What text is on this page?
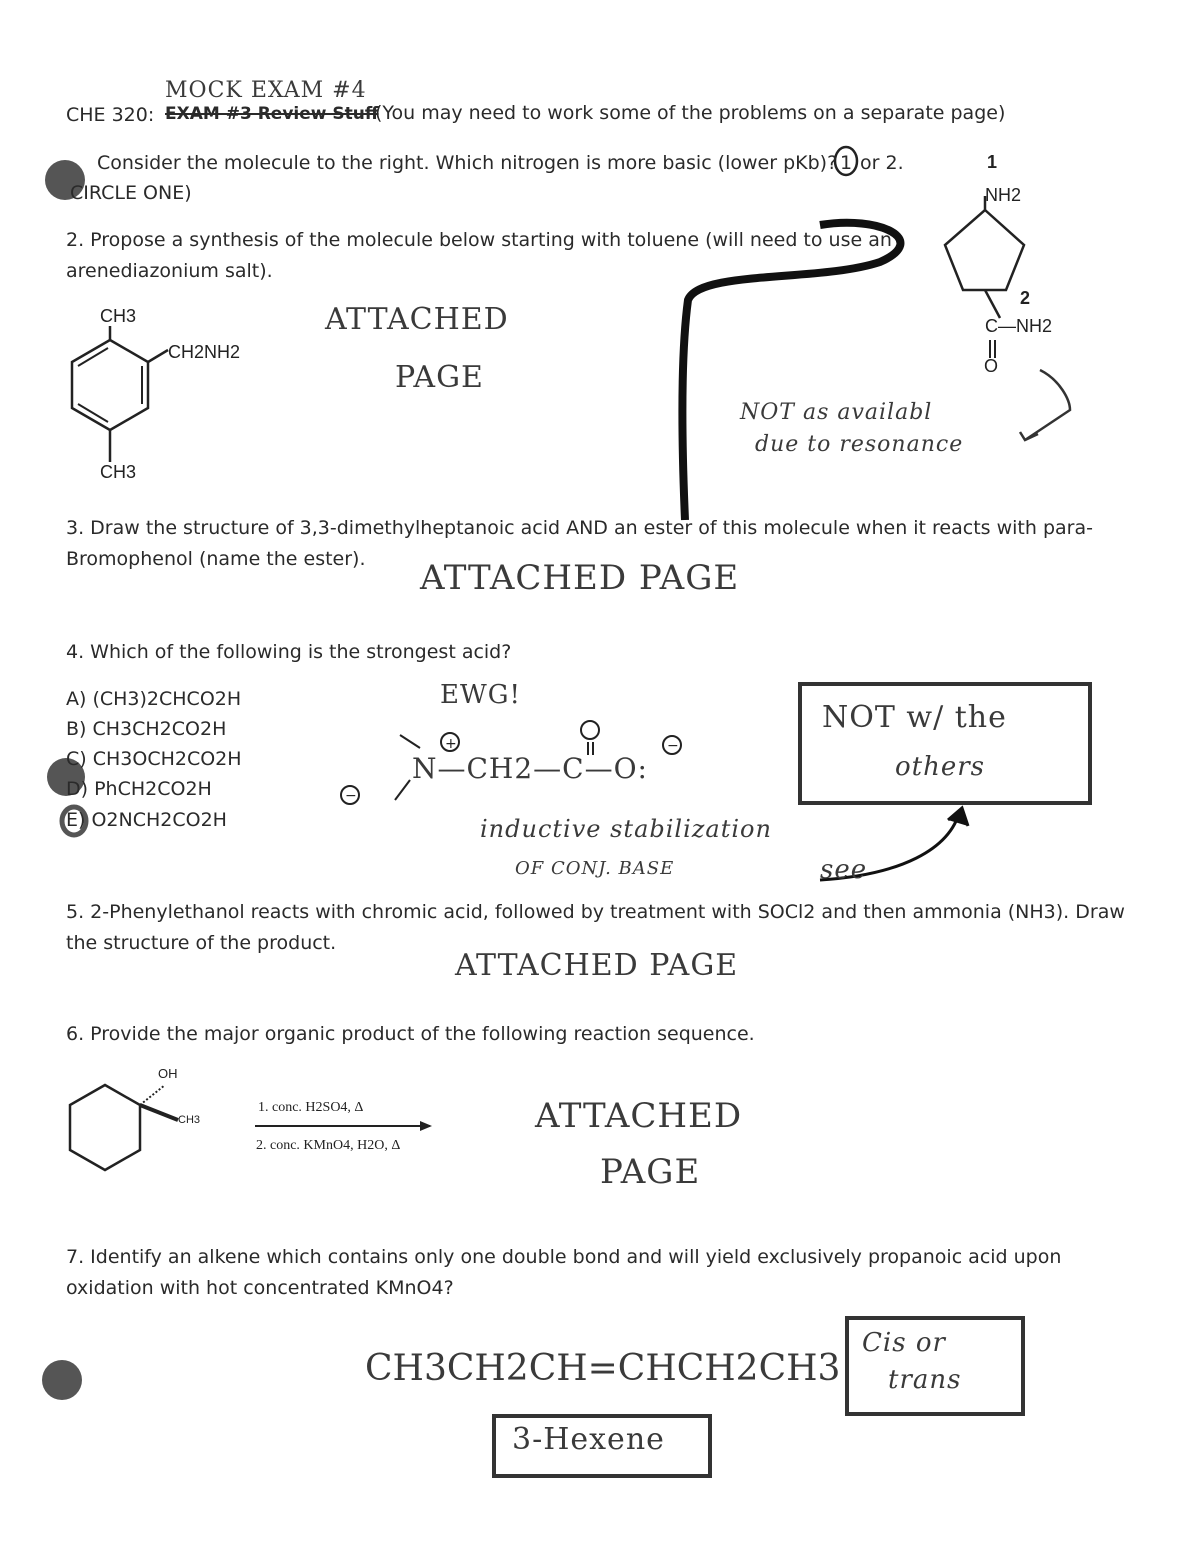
+
−
−
MOCK EXAM #4
CHE 320: EXAM #3 Review Stuff
(You may need to work some of the problems on a separate page)
Consider the molecule to the right. Which nitrogen is more basic (lower pKb)? 1 or 2.
CIRCLE ONE)
1
NH2
2
C—NH2
O
NOT as availabl
due to resonance
2. Propose a synthesis of the molecule below starting with toluene (will need to use an
arenediazonium salt).
CH3
CH2NH2
CH3
ATTACHED
PAGE
3. Draw the structure of 3,3-dimethylheptanoic acid AND an ester of this molecule when it reacts with para-
Bromophenol (name the ester). ATTACHED PAGE
4. Which of the following is the strongest acid?
A) (CH3)2CHCO2H
B) CH3CH2CO2H
C) CH3OCH2CO2H
D) PhCH2CO2H
E) O2NCH2CO2H
EWG!
N—CH2—C—O:
inductive stabilization
OF CONJ. BASE
NOT w/ the
others
see
5. 2-Phenylethanol reacts with chromic acid, followed by treatment with SOCl2 and then ammonia (NH3). Draw
the structure of the product.
ATTACHED PAGE
6. Provide the major organic product of the following reaction sequence.
OH
CH3
1. conc. H2SO4, Δ
2. conc. KMnO4, H2O, Δ
ATTACHED
PAGE
7. Identify an alkene which contains only one double bond and will yield exclusively propanoic acid upon
oxidation with hot concentrated KMnO4?
CH3CH2CH=CHCH2CH3
3-Hexene
Cis or
trans
